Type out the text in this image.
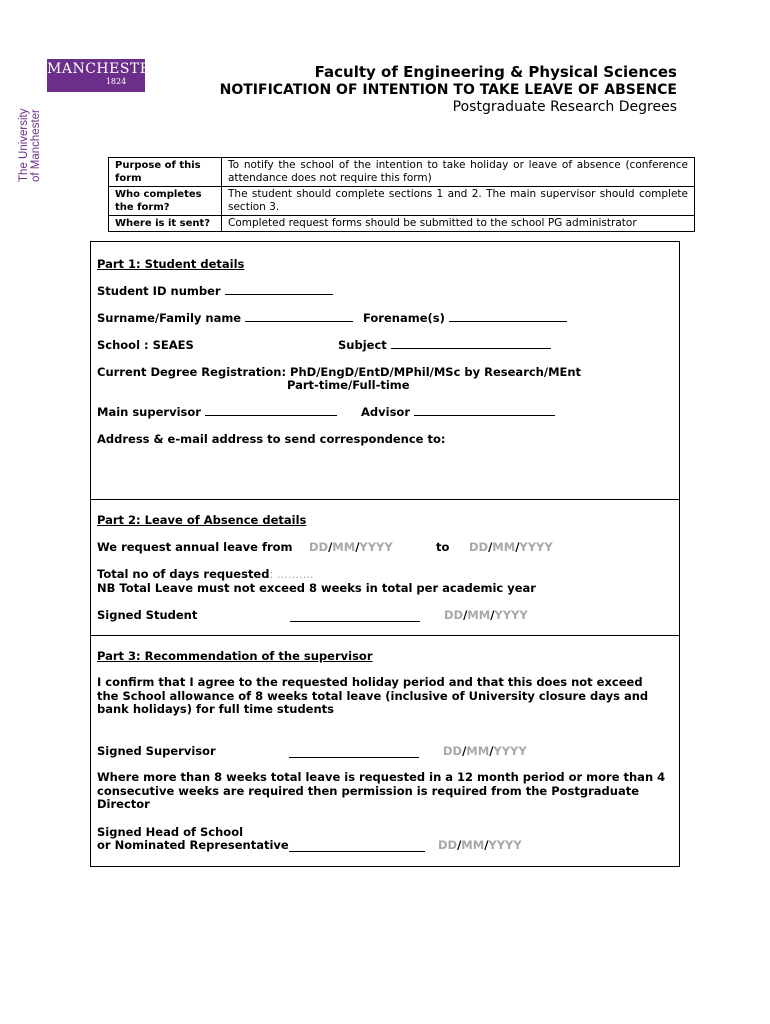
MANCHESTER
1824
The University of Manchester
Faculty of Engineering & Physical Sciences
NOTIFICATION OF INTENTION TO TAKE LEAVE OF ABSENCE
Postgraduate Research Degrees
Purpose of this form	To notify the school of the intention to take holiday or leave of absence (conference attendance does not require this form)
Who completes the form?	The student should complete sections 1 and 2. The main supervisor should complete section 3.
Where is it sent?	Completed request forms should be submitted to the school PG administrator
Part 1: Student details
Student ID number
Surname/Family name	Forename(s)
School : SEAES	Subject
Current Degree Registration: PhD/EngD/EntD/MPhil/MSc by Research/MEnt
Part-time/Full-time
Main supervisor	Advisor
Address & e-mail address to send correspondence to:
Part 2: Leave of Absence details
We request annual leave from DD/MM/YYYY	to DD/MM/YYYY
Total no of days requested: ..........
NB Total Leave must not exceed 8 weeks in total per academic year
Signed Student	DD/MM/YYYY
Part 3: Recommendation of the supervisor
I confirm that I agree to the requested holiday period and that this does not exceed the School allowance of 8 weeks total leave (inclusive of University closure days and bank holidays) for full time students
Signed Supervisor	DD/MM/YYYY
Where more than 8 weeks total leave is requested in a 12 month period or more than 4 consecutive weeks are required then permission is required from the Postgraduate Director
Signed Head of School
or Nominated Representative	DD/MM/YYYY
